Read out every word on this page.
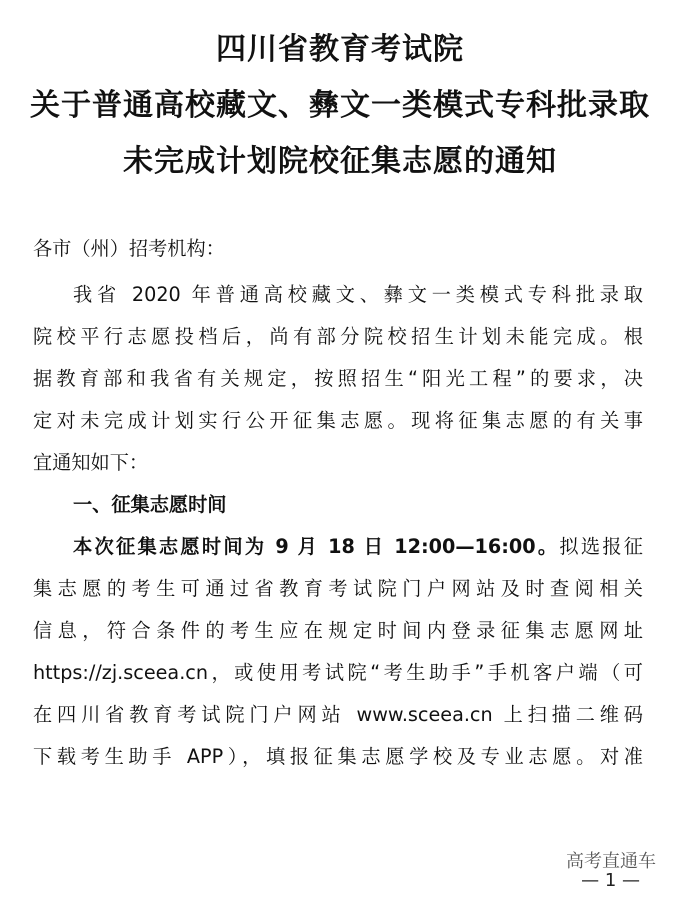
四川省教育考试院
关于普通高校藏文、彝文一类模式专科批录取
未完成计划院校征集志愿的通知
各市（州）招考机构：
我省 2020 年普通高校藏文、彝文一类模式专科批录取
院校平行志愿投档后，尚有部分院校招生计划未能完成。根
据教育部和我省有关规定，按照招生“阳光工程”的要求，决
定对未完成计划实行公开征集志愿。现将征集志愿的有关事
宜通知如下：
一、征集志愿时间
本次征集志愿时间为 9 月 18 日 12:00—16:00。拟选报征
集志愿的考生可通过省教育考试院门户网站及时查阅相关
信息，符合条件的考生应在规定时间内登录征集志愿网址
https://zj.sceea.cn，或使用考试院“考生助手”手机客户端（可
在四川省教育考试院门户网站 www.sceea.cn 上扫描二维码
下载考生助手 APP），填报征集志愿学校及专业志愿。对准
高考直通车
— 1 —
